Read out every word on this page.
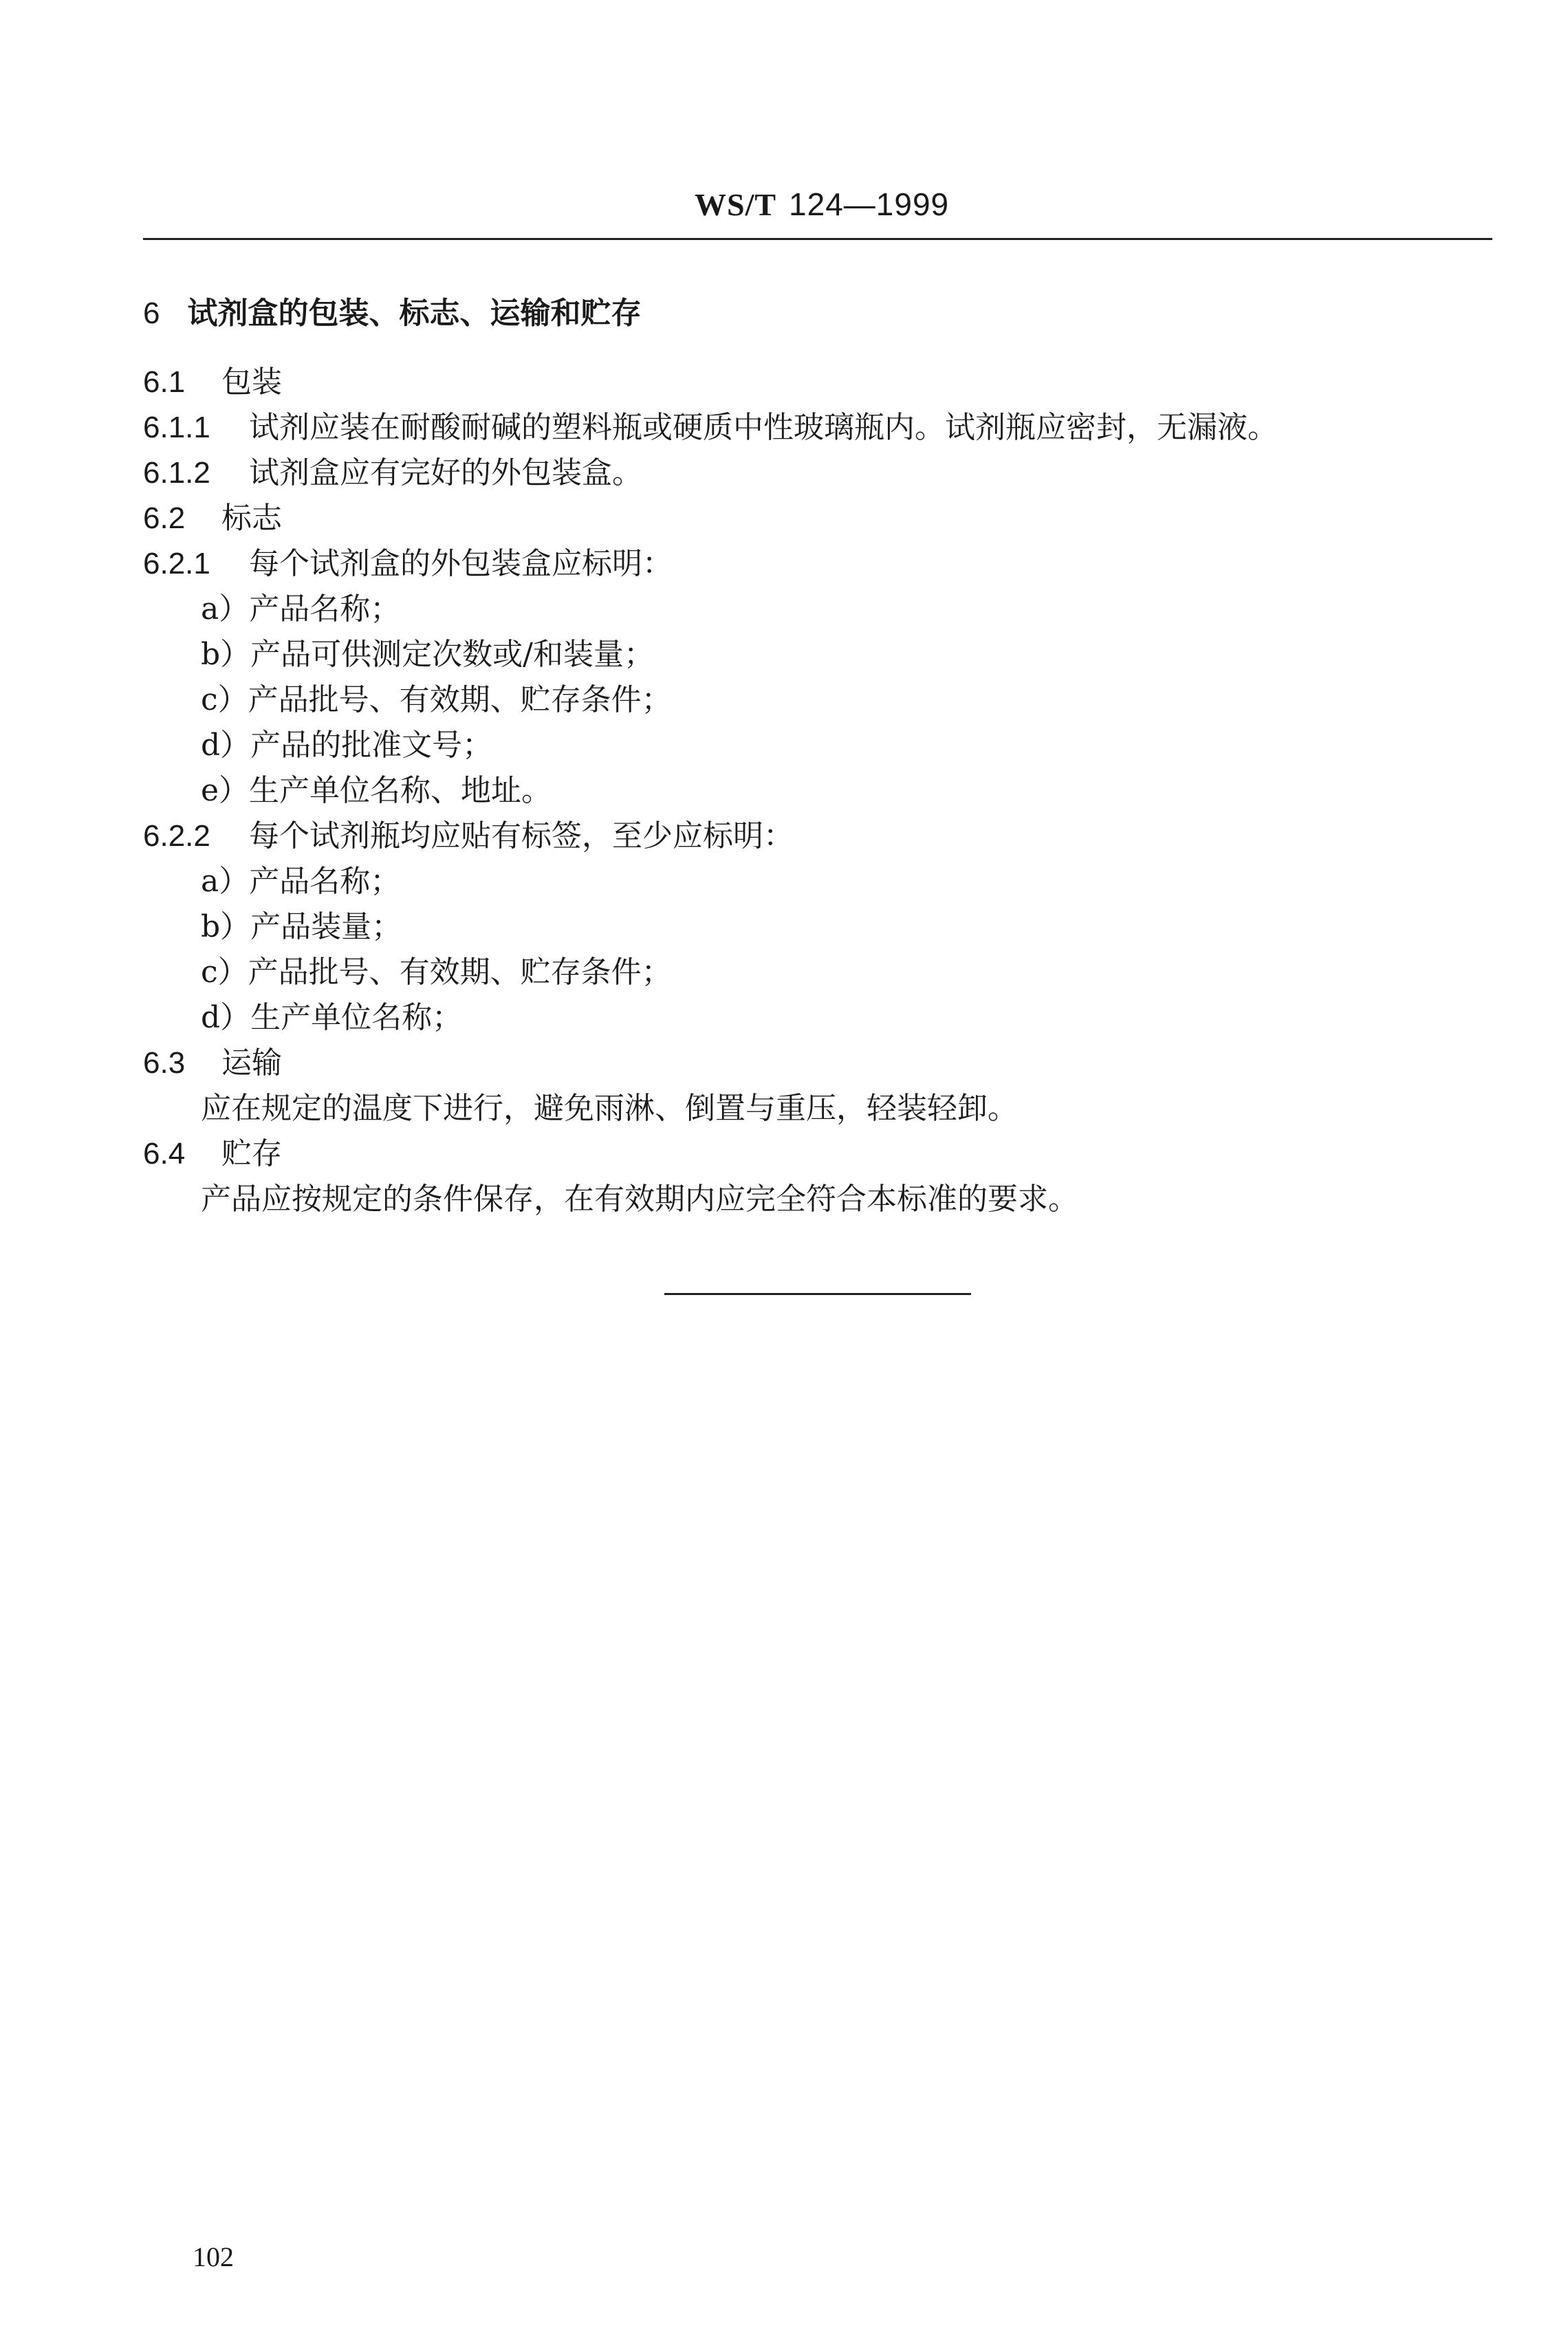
WS/T 124—1999
6 试剂盒的包装、标志、运输和贮存
6.1 包装
6.1.1 试剂应装在耐酸耐碱的塑料瓶或硬质中性玻璃瓶内。试剂瓶应密封，无漏液。
6.1.2 试剂盒应有完好的外包装盒。
6.2 标志
6.2.1 每个试剂盒的外包装盒应标明：
a）产品名称；
b）产品可供测定次数或/和装量；
c）产品批号、有效期、贮存条件；
d）产品的批准文号；
e）生产单位名称、地址。
6.2.2 每个试剂瓶均应贴有标签，至少应标明：
a）产品名称；
b）产品装量；
c）产品批号、有效期、贮存条件；
d）生产单位名称；
6.3 运输
应在规定的温度下进行，避免雨淋、倒置与重压，轻装轻卸。
6.4 贮存
产品应按规定的条件保存，在有效期内应完全符合本标准的要求。
102
